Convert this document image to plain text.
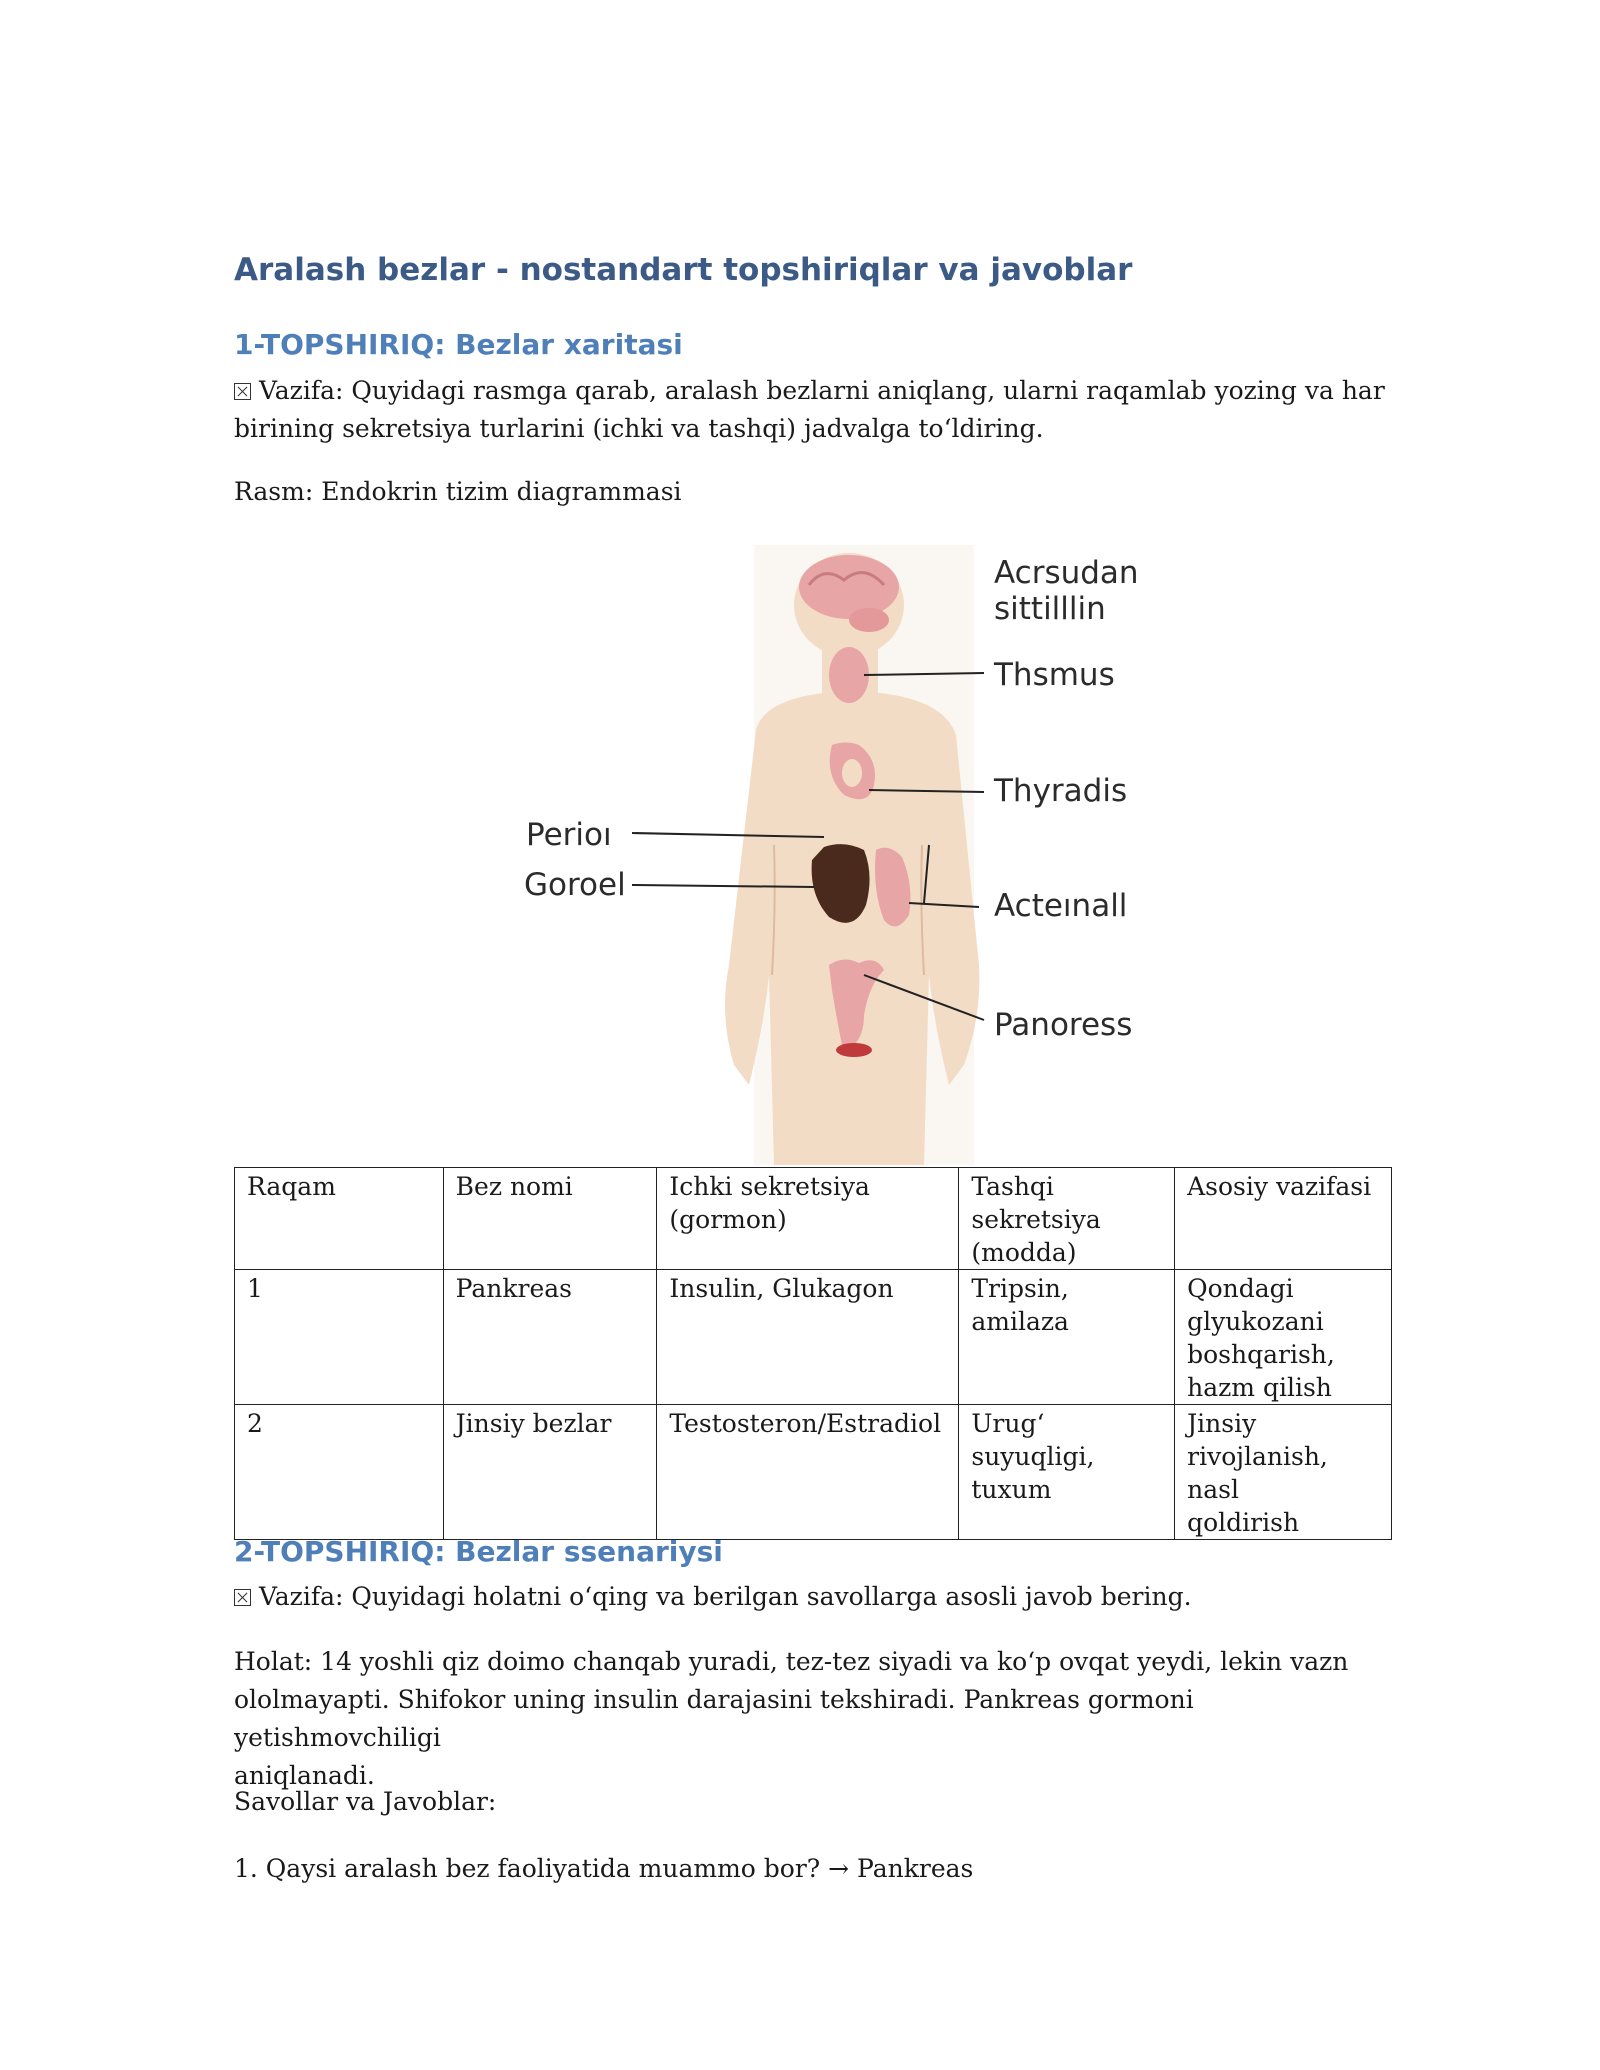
Aralash bezlar - nostandart topshiriqlar va javoblar
1-TOPSHIRIQ: Bezlar xaritasi

Vazifa: Quyidagi rasmga qarab, aralash bezlarni aniqlang, ularni raqamlab yozing va har
birining sekretsiya turlarini (ichki va tashqi) jadvalga to‘ldiring.

Rasm: Endokrin tizim diagrammasi

Acrsudan
sittilllin
Thsmus
Thyradis
Perioı
Goroel
Acteınall
Panoress
Raqam	Bez nomi	Ichki sekretsiya
(gormon)	Tashqi
sekretsiya
(modda)	Asosiy vazifasi
1	Pankreas	Insulin, Glukagon	Tripsin,
amilaza	Qondagi
glyukozani
boshqarish,
hazm qilish
2	Jinsiy bezlar	Testosteron/Estradiol	Urug‘ suyuqligi,
tuxum	Jinsiy
rivojlanish, nasl
qoldirish
2-TOPSHIRIQ: Bezlar ssenariysi

Vazifa: Quyidagi holatni o‘qing va berilgan savollarga asosli javob bering.

Holat: 14 yoshli qiz doimo chanqab yuradi, tez-tez siyadi va ko‘p ovqat yeydi, lekin vazn
ololmayapti. Shifokor uning insulin darajasini tekshiradi. Pankreas gormoni yetishmovchiligi
aniqlanadi.

Savollar va Javoblar:

1. Qaysi aralash bez faoliyatida muammo bor? → Pankreas
